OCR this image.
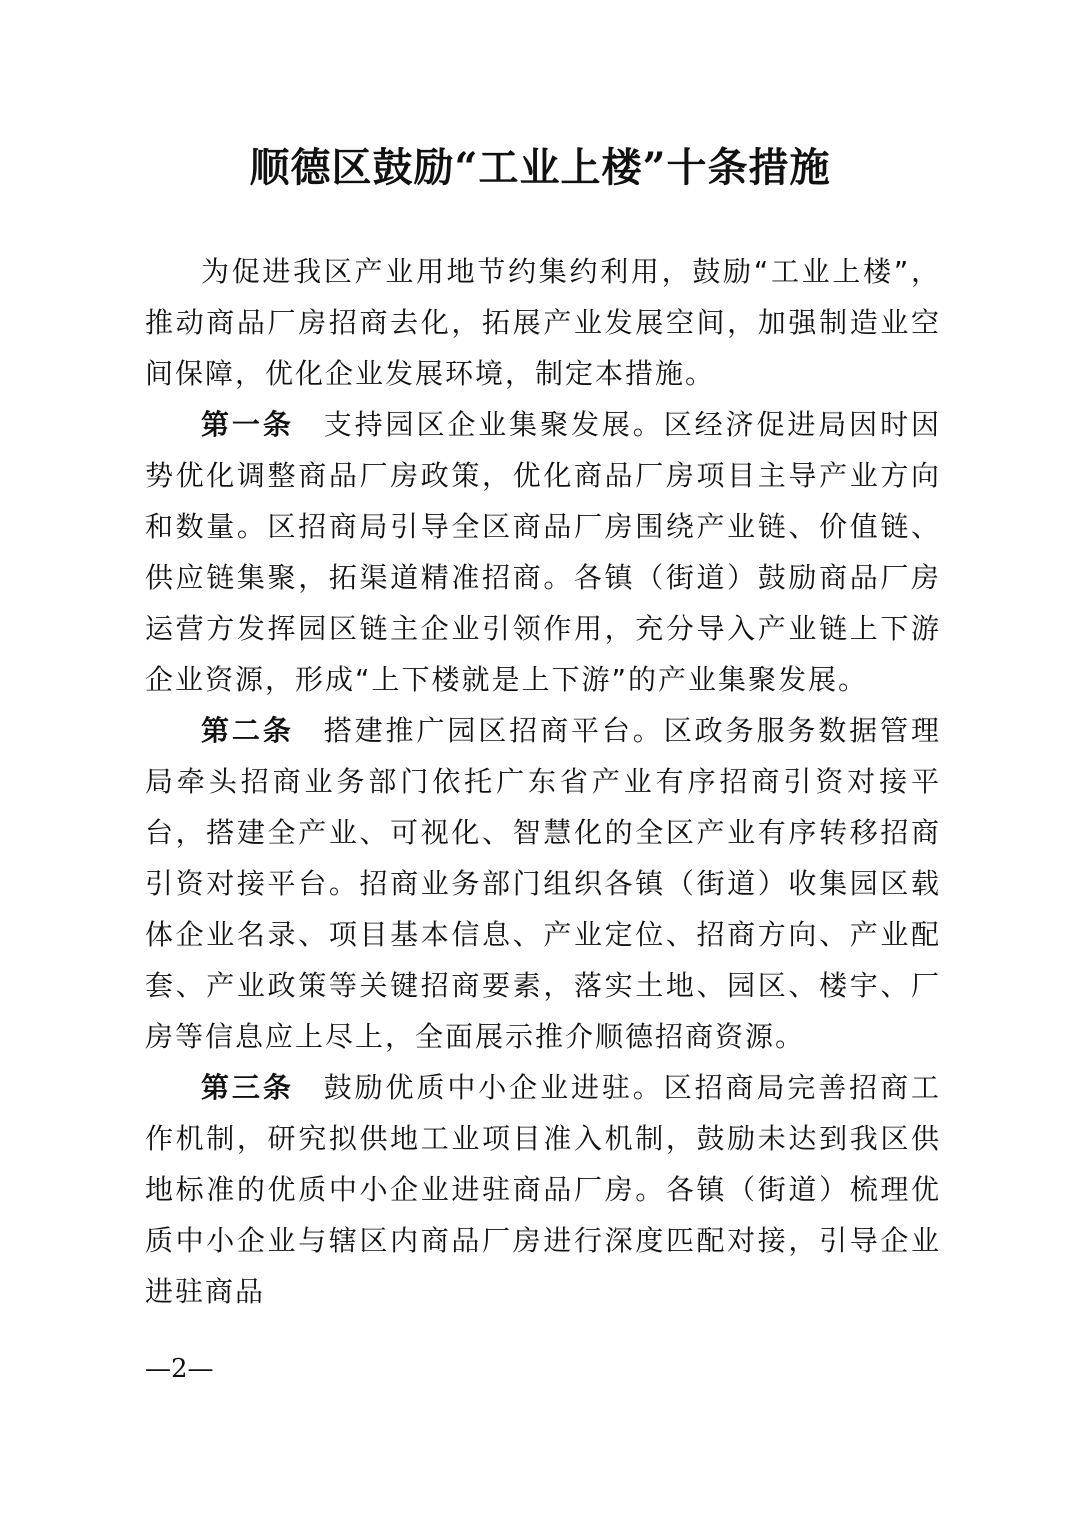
顺德区鼓励“工业上楼”十条措施

为促进我区产业用地节约集约利用，鼓励“工业上楼”，推动商品厂房招商去化，拓展产业发展空间，加强制造业空间保障，优化企业发展环境，制定本措施。

第一条 支持园区企业集聚发展。区经济促进局因时因势优化调整商品厂房政策，优化商品厂房项目主导产业方向和数量。区招商局引导全区商品厂房围绕产业链、价值链、供应链集聚，拓渠道精准招商。各镇（街道）鼓励商品厂房运营方发挥园区链主企业引领作用，充分导入产业链上下游企业资源，形成“上下楼就是上下游”的产业集聚发展。

第二条 搭建推广园区招商平台。区政务服务数据管理局牵头招商业务部门依托广东省产业有序招商引资对接平台，搭建全产业、可视化、智慧化的全区产业有序转移招商引资对接平台。招商业务部门组织各镇（街道）收集园区载体企业名录、项目基本信息、产业定位、招商方向、产业配套、产业政策等关键招商要素，落实土地、园区、楼宇、厂房等信息应上尽上，全面展示推介顺德招商资源。

第三条 鼓励优质中小企业进驻。区招商局完善招商工作机制，研究拟供地工业项目准入机制，鼓励未达到我区供地标准的优质中小企业进驻商品厂房。各镇（街道）梳理优质中小企业与辖区内商品厂房进行深度匹配对接，引导企业进驻商品

—2—
